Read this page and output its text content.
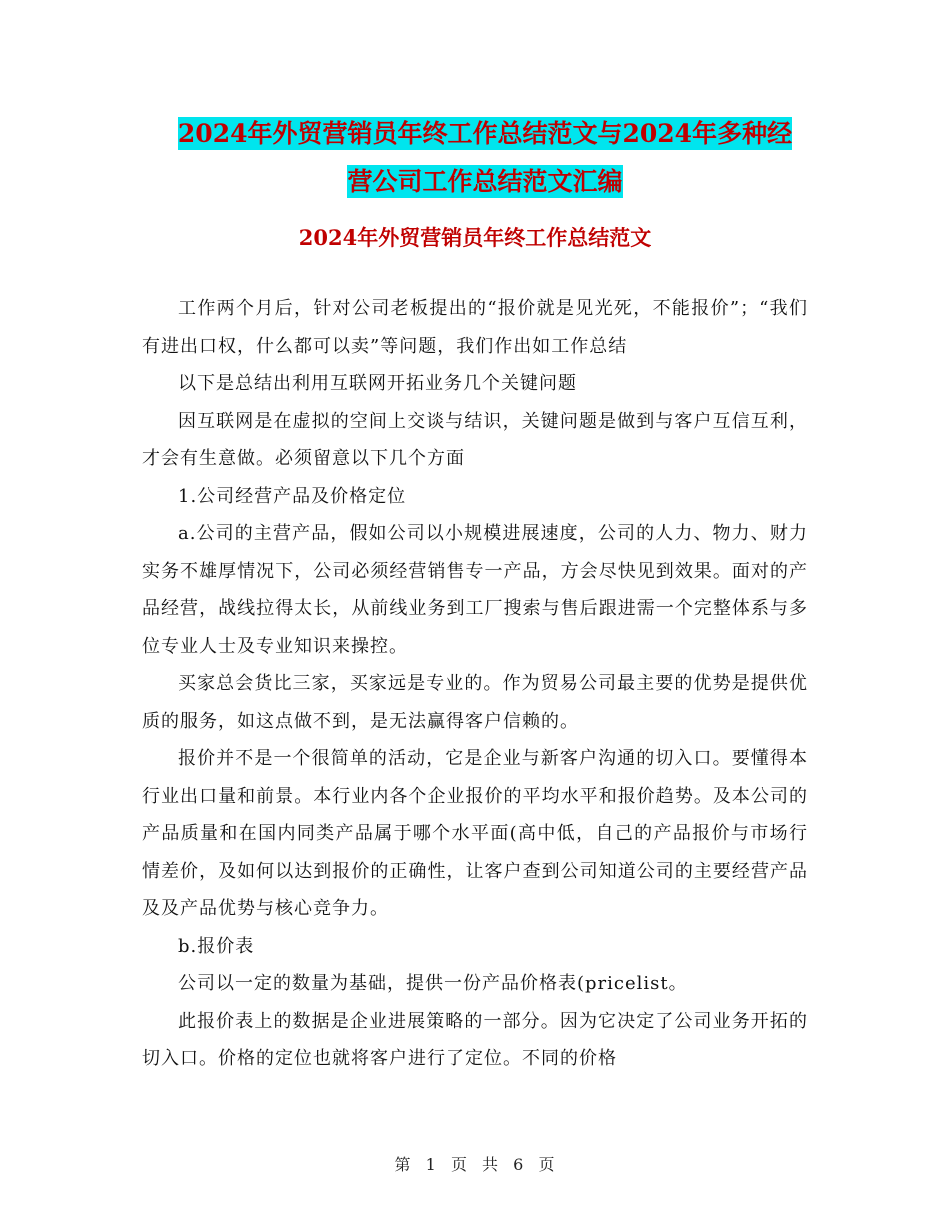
2024年外贸营销员年终工作总结范文与2024年多种经
营公司工作总结范文汇编
2024年外贸营销员年终工作总结范文

工作两个月后，针对公司老板提出的“报价就是见光死，不能报价”；“我们有进出口权，什么都可以卖”等问题，我们作出如工作总结

以下是总结出利用互联网开拓业务几个关键问题

因互联网是在虚拟的空间上交谈与结识，关键问题是做到与客户互信互利，才会有生意做。必须留意以下几个方面

1.公司经营产品及价格定位

a.公司的主营产品，假如公司以小规模进展速度，公司的人力、物力、财力实务不雄厚情况下，公司必须经营销售专一产品，方会尽快见到效果。面对的产品经营，战线拉得太长，从前线业务到工厂搜索与售后跟进需一个完整体系与多位专业人士及专业知识来操控。

买家总会货比三家，买家远是专业的。作为贸易公司最主要的优势是提供优质的服务，如这点做不到，是无法赢得客户信赖的。

报价并不是一个很简单的活动，它是企业与新客户沟通的切入口。要懂得本行业出口量和前景。本行业内各个企业报价的平均水平和报价趋势。及本公司的产品质量和在国内同类产品属于哪个水平面(高中低，自己的产品报价与市场行情差价，及如何以达到报价的正确性，让客户查到公司知道公司的主要经营产品及及产品优势与核心竞争力。

b.报价表

公司以一定的数量为基础，提供一份产品价格表(pricelist。

此报价表上的数据是企业进展策略的一部分。因为它决定了公司业务开拓的切入口。价格的定位也就将客户进行了定位。不同的价格

第 1 页 共 6 页
